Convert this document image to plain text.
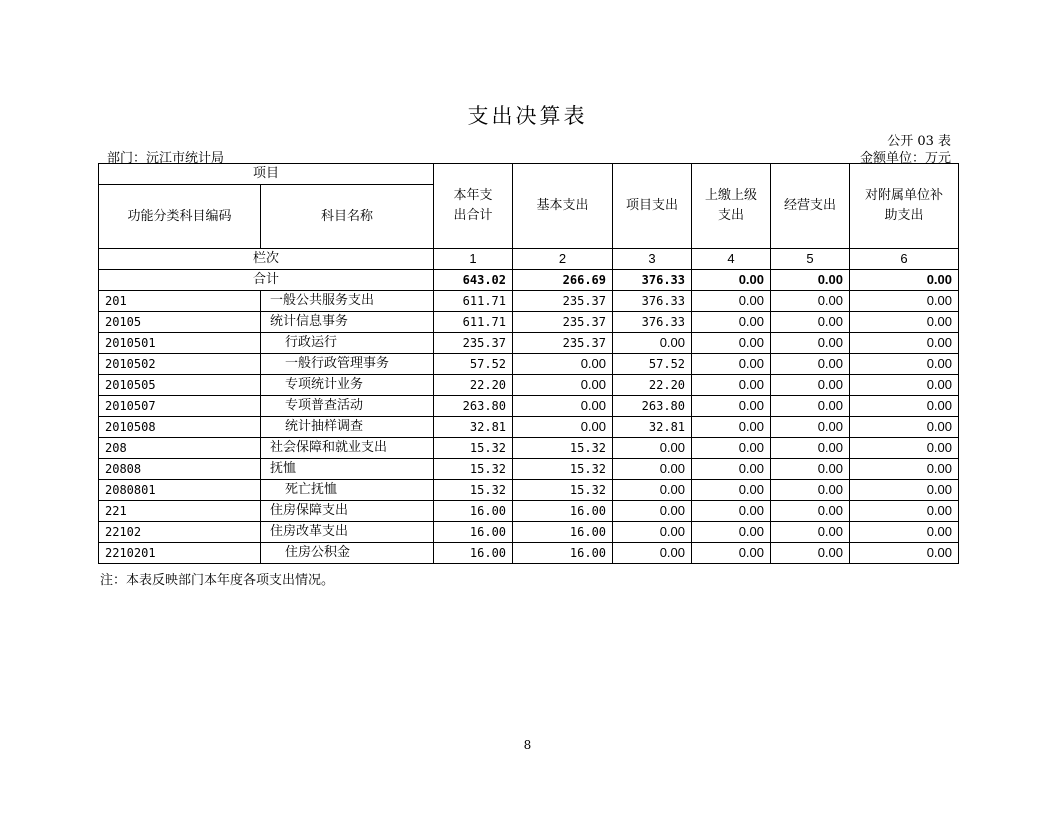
支出决算表
公开 03 表
部门：沅江市统计局	金额单位：万元
项目		本年支出合计	基本支出	项目支出	上缴上级支出	经营支出	对附属单位补助支出
功能分类科目编码	科目名称						
栏次		1	2	3	4	5	6
合计		643.02	266.69	376.33	0.00	0.00	0.00
201	一般公共服务支出	611.71	235.37	376.33	0.00	0.00	0.00
20105	统计信息事务	611.71	235.37	376.33	0.00	0.00	0.00
2010501	行政运行	235.37	235.37	0.00	0.00	0.00	0.00
2010502	一般行政管理事务	57.52	0.00	57.52	0.00	0.00	0.00
2010505	专项统计业务	22.20	0.00	22.20	0.00	0.00	0.00
2010507	专项普查活动	263.80	0.00	263.80	0.00	0.00	0.00
2010508	统计抽样调查	32.81	0.00	32.81	0.00	0.00	0.00
208	社会保障和就业支出	15.32	15.32	0.00	0.00	0.00	0.00
20808	抚恤	15.32	15.32	0.00	0.00	0.00	0.00
2080801	死亡抚恤	15.32	15.32	0.00	0.00	0.00	0.00
221	住房保障支出	16.00	16.00	0.00	0.00	0.00	0.00
22102	住房改革支出	16.00	16.00	0.00	0.00	0.00	0.00
2210201	住房公积金	16.00	16.00	0.00	0.00	0.00	0.00
注：本表反映部门本年度各项支出情况。
8
